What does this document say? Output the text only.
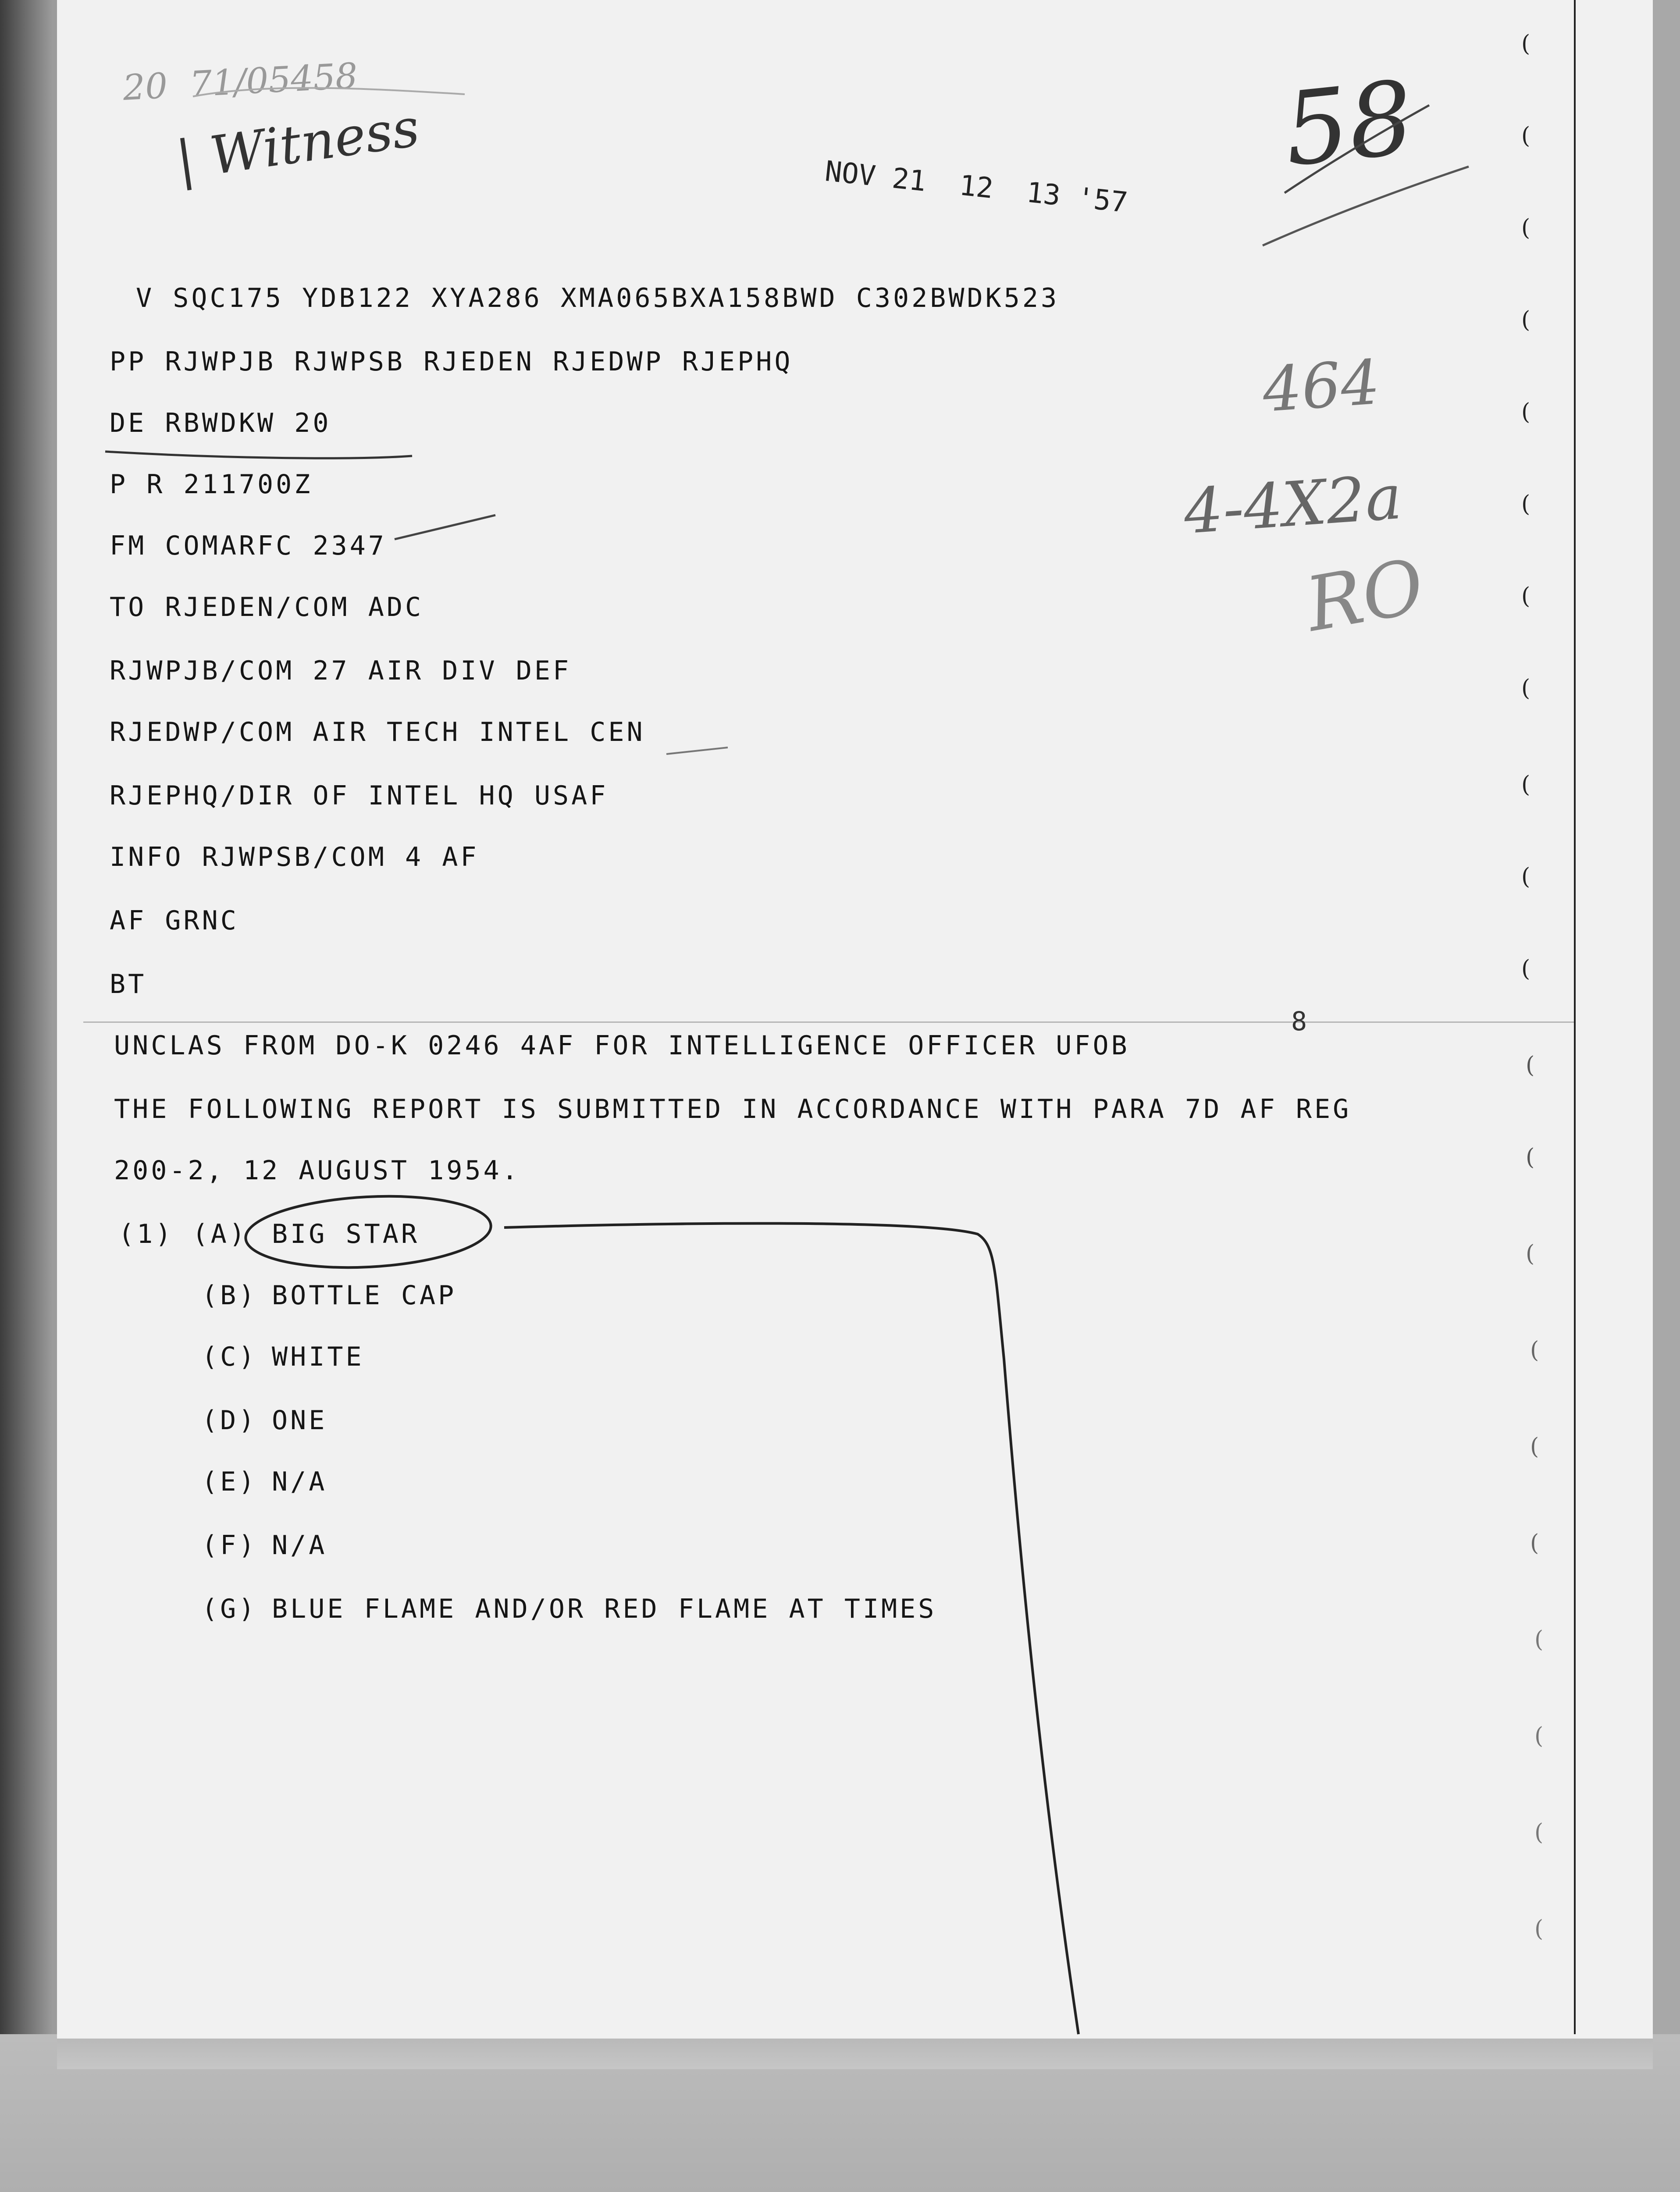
(
(
(
(
(
(
(
(
(
(
(
(
(
(
(
(
(
(
(
(
(
20  71/05458
| Witness	58
464
4-4X2a
RO
NOV 21  12  13 '57
V SQC175 YDB122 XYA286 XMA065BXA158BWD C302BWDK523
PP RJWPJB RJWPSB RJEDEN RJEDWP RJEPHQ
DE RBWDKW 20
P R 211700Z
FM COMARFC 2347
TO RJEDEN/COM ADC
RJWPJB/COM 27 AIR DIV DEF
RJEDWP/COM AIR TECH INTEL CEN
RJEPHQ/DIR OF INTEL HQ USAF
INFO RJWPSB/COM 4 AF
AF GRNC
BT
8
UNCLAS FROM DO-K 0246 4AF FOR INTELLIGENCE OFFICER UFOB
THE FOLLOWING REPORT IS SUBMITTED IN ACCORDANCE WITH PARA 7D AF REG
200-2, 12 AUGUST 1954.
(1) (A) BIG STAR
(B) BOTTLE CAP
(C) WHITE
(D) ONE
(E) N/A
(F) N/A
(G) BLUE FLAME AND/OR RED FLAME AT TIMES
